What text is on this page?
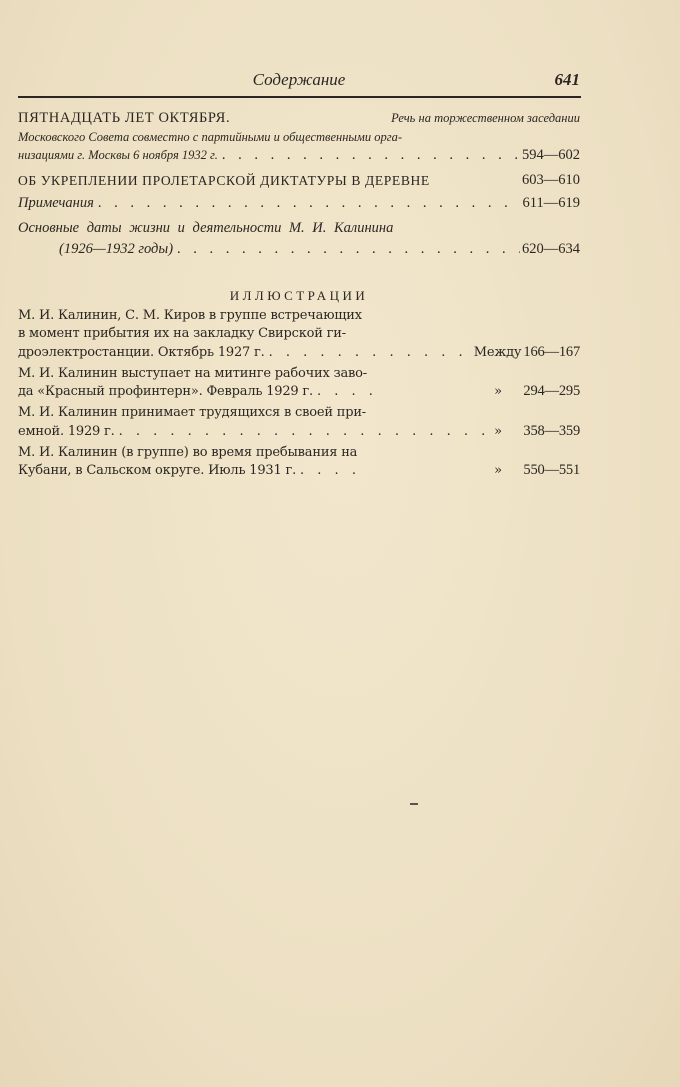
Содержание	641
ПЯТНАДЦАТЬ ЛЕТ ОКТЯБРЯ.	Речь на торжественном заседании
Московского Совета совместно с партийными и общественными орга-
низациями г. Москвы 6 ноября 1932 г. . . .	594—602
ОБ УКРЕПЛЕНИИ ПРОЛЕТАРСКОЙ ДИКТАТУРЫ В ДЕРЕВНЕ	603—610
Примечания . . .	611—619
Основные даты жизни и деятельности М. И. Калинина
(1926—1932 годы) . . .	620—634
ИЛЛЮСТРАЦИИ
М. И. Калинин, С. М. Киров в группе встречающих
в момент прибытия их на закладку Свирской ги-
дроэлектростанции. Октябрь 1927 г. . . .	Между 166—167
М. И. Калинин выступает на митинге рабочих заво-
да «Красный профинтерн». Февраль 1929 г. . . .	»	294—295
М. И. Калинин принимает трудящихся в своей при-
емной. 1929 г. . . .	»	358—359
М. И. Калинин (в группе) во время пребывания на
Кубани, в Сальском округе. Июль 1931 г. . . .	»	550—551
